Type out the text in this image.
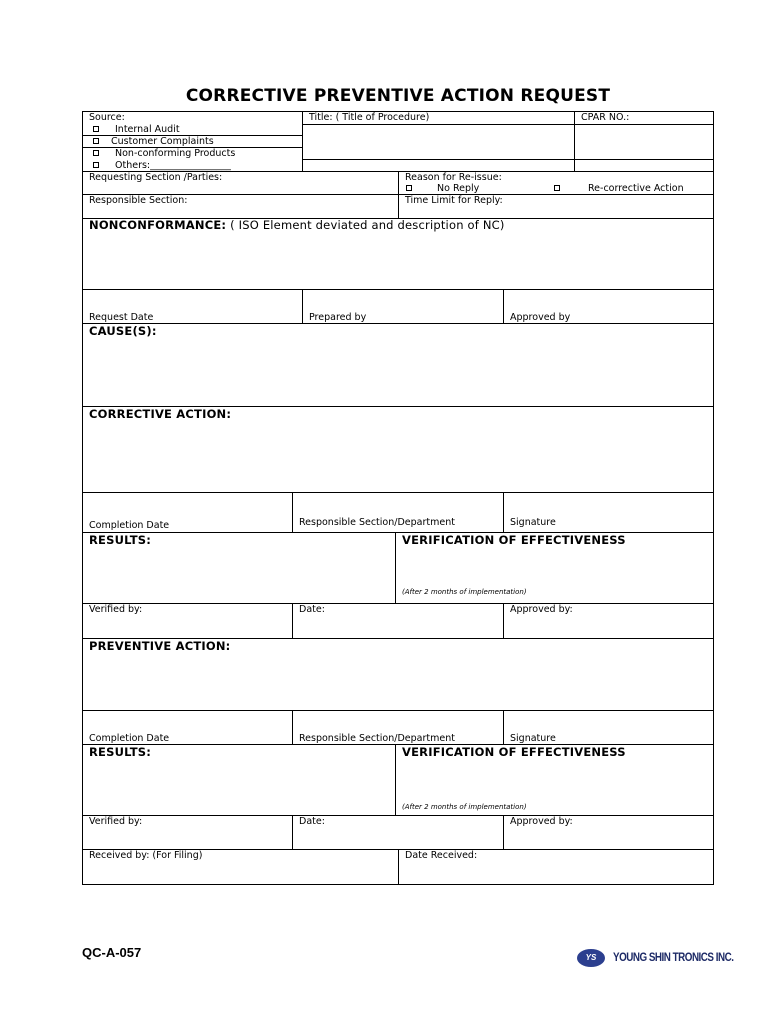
CORRECTIVE PREVENTIVE ACTION REQUEST
Source:
Internal Audit
Customer Complaints
Non-conforming Products
Others:_________________
Title: ( Title of Procedure)	CPAR NO.:
Requesting Section /Parties:	Reason for Re-issue:
No Reply	Re-corrective Action
Responsible Section:	Time Limit for Reply:
NONCONFORMANCE: ( ISO Element deviated and description of NC)
Request Date	Prepared by	Approved by
CAUSE(S):
CORRECTIVE ACTION:
Completion Date	Responsible Section/Department	Signature
RESULTS:	VERIFICATION OF EFFECTIVENESS
(After 2 months of implementation)
Verified by:	Date:	Approved by:
PREVENTIVE ACTION:
Completion Date	Responsible Section/Department	Signature
RESULTS:	VERIFICATION OF EFFECTIVENESS
(After 2 months of implementation)
Verified by:	Date:	Approved by:
Received by: (For Filing)	Date Received:
QC-A-057	YS	YOUNG SHIN TRONICS INC.
